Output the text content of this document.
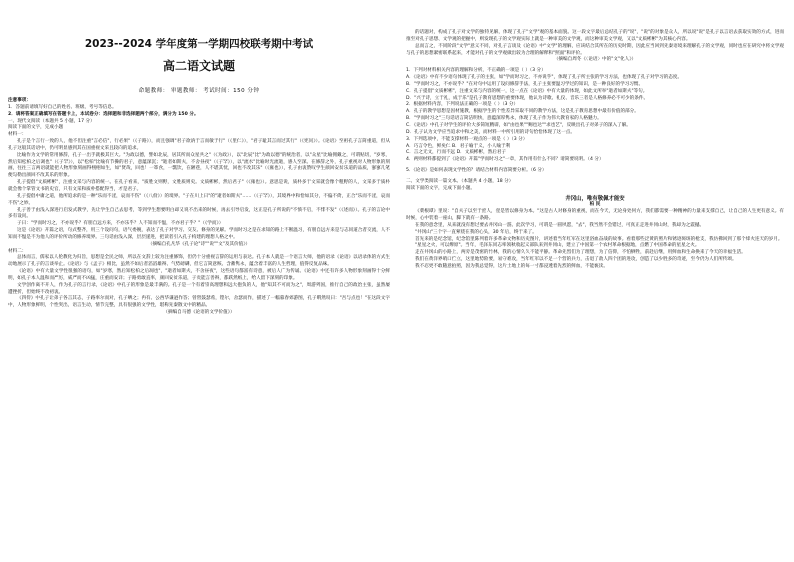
2023--2024 学年度第一学期四校联考期中考试
高二语文试题
命题教师： 审题教师： 考试时间：150 分钟

注意事项：

1．答题前请填写好自己的姓名、班级、考号等信息。

2．请将答案正确填写在答题卡上，本试卷分：选择题和非选择题两个部分，满分为 150 分。

一、现代文阅读（本题共 5 小题，17 分）

阅读下面的文字，完成小题

材料一：

孔子是个言行一致的人，他不但注重"言必信"，行必果"（《子路》），而且强调"君子欲讷于言而敏于行"（《里仁》），"君子耻其言而过其行"（《宪问》）。《论语》至祖孔子言简重道，但从孔子这般其话语中，仍可明显感到其在国重视文采且较向的追求。

比喻作为文学的常用修辞，孔子一出手就极其巨大。"为政以德，譬如北辰，居其所而众星共之"（《为政》），以"北辰"比"为政以德"的统治者，以"众星"比喻拥戴之，可谓贴切，"岁寒，然后知松柏之后凋也"（《子罕》），以"松柏"比喻有节操的君子，意蕴深沉；"逝者如斯夫，不舍昼夜"（《子罕》），以"流水"比喻时光流逝，感人至深。在修辞之外，孔子重视对人物形象的刻画，往往三言两语就能把人物形象刻画得栩栩如生，如"贤哉，回也！一箪食，一瓢饮，在陋巷，人不堪其忧，回也不改其乐"（《雍也》），孔子由衷赞叹学生颜回安贫乐道的品质，寥寥几笔便勾勒出颜回不改其乐的形象。

孔子提倡"文质彬彬"，注重文采与内容的统一。在孔子看来，"质胜文则野，文胜质则史。文质彬彬，然后君子"（《雍也》）。意思是说，质朴多于文采就会像个粗野的人，文采多于质朴就会像个掌管文书的史官，只有文采和质朴搭配得当，才是君子。

孔子提倡中庸之道，他所追求的是一种"乐而不淫，哀而不伤"（《八佾》）的境界。"子在川上曰"的"逝者如斯夫"……（《子罕》），其境界中和恰如其分，不偏不倚，正合"乐而不淫，哀而不伤"之妙。

孔子善于由浅入深进行启发式教学，先让学生自己去思考，等到学生想要明白却又说不出来的时候，再去引导启发，这正是孔子所说的"不愤不启，不悱不发"（《述而》）。孔子的言论中多有设问。

子曰："学而时习之，不亦说乎？有朋自远方来，不亦乐乎？人不知而不愠，不亦君子乎？"（《学而》）

这是《论语》开篇之语，句式整齐，用三个设问句，语气委婉，表达了孔子对学习、交友、修身的见解。学而时习之是在求知的路上不断温习，有朋自远方来是与志同道合者交流，人不知而不愠是不为他人的评价所动的修养境界。三句话由浅入深，层层递进，把读者引入孔子构建的理想人格之中。

（摘编自孔凡华《孔子论"诗""说""文"及其价值》）

材料二：

总体而言，儒家以人伦教化为归旨，思想是全民之师，所以在文辞上较为注重修饰，但仍十分重视言辞的运用与表达。孔子本人就是一个语言大师，他的语录《论语》以语录体的方式生动地展示了孔子的言谈举止。《论语》与《孟子》相比，虽然不如后者滔滔雄辩、气势磅礴，但它言简意赅、含蓄隽永，蕴含着丰富的人生哲理，值得反复品味。

《论语》中有大量文学性很强的语句，如"岁寒，然后知松柏之后凋也"，"逝者如斯夫，不舍昼夜"，这些语句都富有诗意，被后人广为传诵。《论语》中还有许多人物形象刻画得十分鲜明，如孔子本人温和而严厉，威严而不凶猛，庄重而安详；子路勇敢直率，颜回安贫乐道，子贡能言善辩，都跃然纸上，给人留下深刻的印象。

文学创作离不开人，作为孔子的言行录，《论语》中孔子的形象是最丰满的。孔子是一个有着崇高理想和远大抱负的人，他"知其不可而为之"，周游列国，推行自己的政治主张，虽然屡遭挫折，但始终不改初衷。

《四侍》中孔子让弟子各言其志，子路率尔而对，孔子哂之；冉有、公西华谦逊作答；曾皙鼓瑟希，铿尔，舍瑟而作，描述了一幅暮春郊游图，孔子喟然叹曰："吾与点也！"在这段文字中，人物形象鲜明，个性突出，语言生动，情节完整，具有很强的文学性，堪称先秦散文中的精品。

（摘编自马德《论语的文学价值》）

的话题对，构成了孔子对文学的独特见解，体现了孔子"文学"观的基本面貌。这一段文字最后总结孔子的"说"，"说"的对象是众人，所以说"说"是孔子以言语去获取实效的方式，进而推至对孔子思想、文学观的把握中，则发现孔子的文学观实际上就是一种审美的文学观，而这种审美文学观，又以"文质彬彬"为其核心内容。

总而言之，不同阶段"文学"意义不同，对孔子言谈及《论语》中"文学"的理解，应该结合其所在的历史时期，因此应当回到先秦语境来理解孔子的文学观，同时也应在研究中将文学观与孔子的思想紧密联系起来，才能对孔子的文学观做出较为合理的解释和"照面"和评价。

（摘编自周冬《〈论语〉中的"文"化人》）

1．下列对材料相关内容的理解和分析，不正确的一项是（ ）（3 分）

A．《论语》中有不少语句体现了孔子的主张，如"学而时习之，不亦说乎"，体现了孔子所主张的学习方法，也体现了孔子对学习的态度。

B．"学而时习之，不亦说乎？"在对句中运用了设问修辞手法，孔子主张要温习学过的知识，是一种良好的学习习惯。

C．孔子提倡"文质彬彬"，注重文采与内容的统一，这一点在《论语》中有大量的体现，如此文所举"逝者如斯夫"等句。

D．"兴于诗，立于礼，成于乐"是孔子教育思想的重要体现，他认为诗歌、礼仪、音乐三者是人格修养必不可少的条件。

2．根据材料内容，下列说法正确的一项是（ ）（3 分）

A．孔子的教学思想是因材施教，根据学生的个性差异采取不同的教学方法，这是孔子教育思想中最有价值的部分。

B．"学而时习之"三句话语言简洁明快，意蕴深厚隽永，体现了孔子作为伟大教育家的人格魅力。

C．《论语》中孔子对学生的评价大多简短精辟，如"由也果""赐也达""求也艺"，反映出孔子对弟子的深入了解。

D．孔子认为文学应当追求中和之美，而材料一中所引用的诗句恰恰体现了这一点。

3．下列选项中，不能支撑材料一观点的一项是（ ）（3 分）

A．巧言令色，鲜矣仁 B．君子喻于义，小人喻于利

C．言之无文，行而不远 D．文质彬彬，然后君子

4．两则材料都提到了《论语》开篇"学而时习之"一章，其作用有什么不同？请简要说明。（4 分）

5．《论语》是如何表现文学性的？请结合材料内容简要分析。（6 分）

二、文学类阅读一篇文本。（本题共 4 小题，18 分）

阅读下面的文字，完成下面小题。

井冈山，唯有敬佩才能安

柏 民

《菜根谭》里说："自夫子以至于庶人，壹是皆以修身为本。"这是古人对修身的重视，而在今天，无论身处何方，我们都需要一种精神的力量来支撑自己，让自己的人生更有意义。有时候，心中装着一座山，脚下就有一条路。

在我的意念里，从来就没有想过要去井冈山一游。此次学习，可谓是一圆夙愿，"去"，我当然不会错过，可真正走进井冈山时，我却为之震撼。

"井冈山"三个字一直萦绕在我的心头，30 年后，终于来了。

首先来的是纪念馆，纪念馆里陈列着许多革命文物和历史图片，讲述着当年红军在这里浴血奋战的故事。看着那些泛黄的照片和锈迹斑斑的枪支，我仿佛回到了那个烽火连天的岁月。

"星星之火，可以燎原"。当年，毛泽东同志率领秋收起义部队来到井冈山，建立了中国第一个农村革命根据地，点燃了中国革命的星星之火。

走在井冈山的小路上，两旁是茂密的竹林，我的心情久久不能平静。革命先烈们为了理想，为了信仰，不怕牺牲，前赴后继，用鲜血和生命换来了今天的幸福生活。

我们在黄洋界哨口伫立，这里地势险要，易守难攻，当年红军以不足一个营的兵力，击退了敌人四个团的进攻，创造了以少胜多的奇迹，至今仍为人们所传颂。

我不忍更不敢随意拍照，因为我总觉得，这片土地上的每一寸都浸透着先烈的鲜血，不能亵渎。
